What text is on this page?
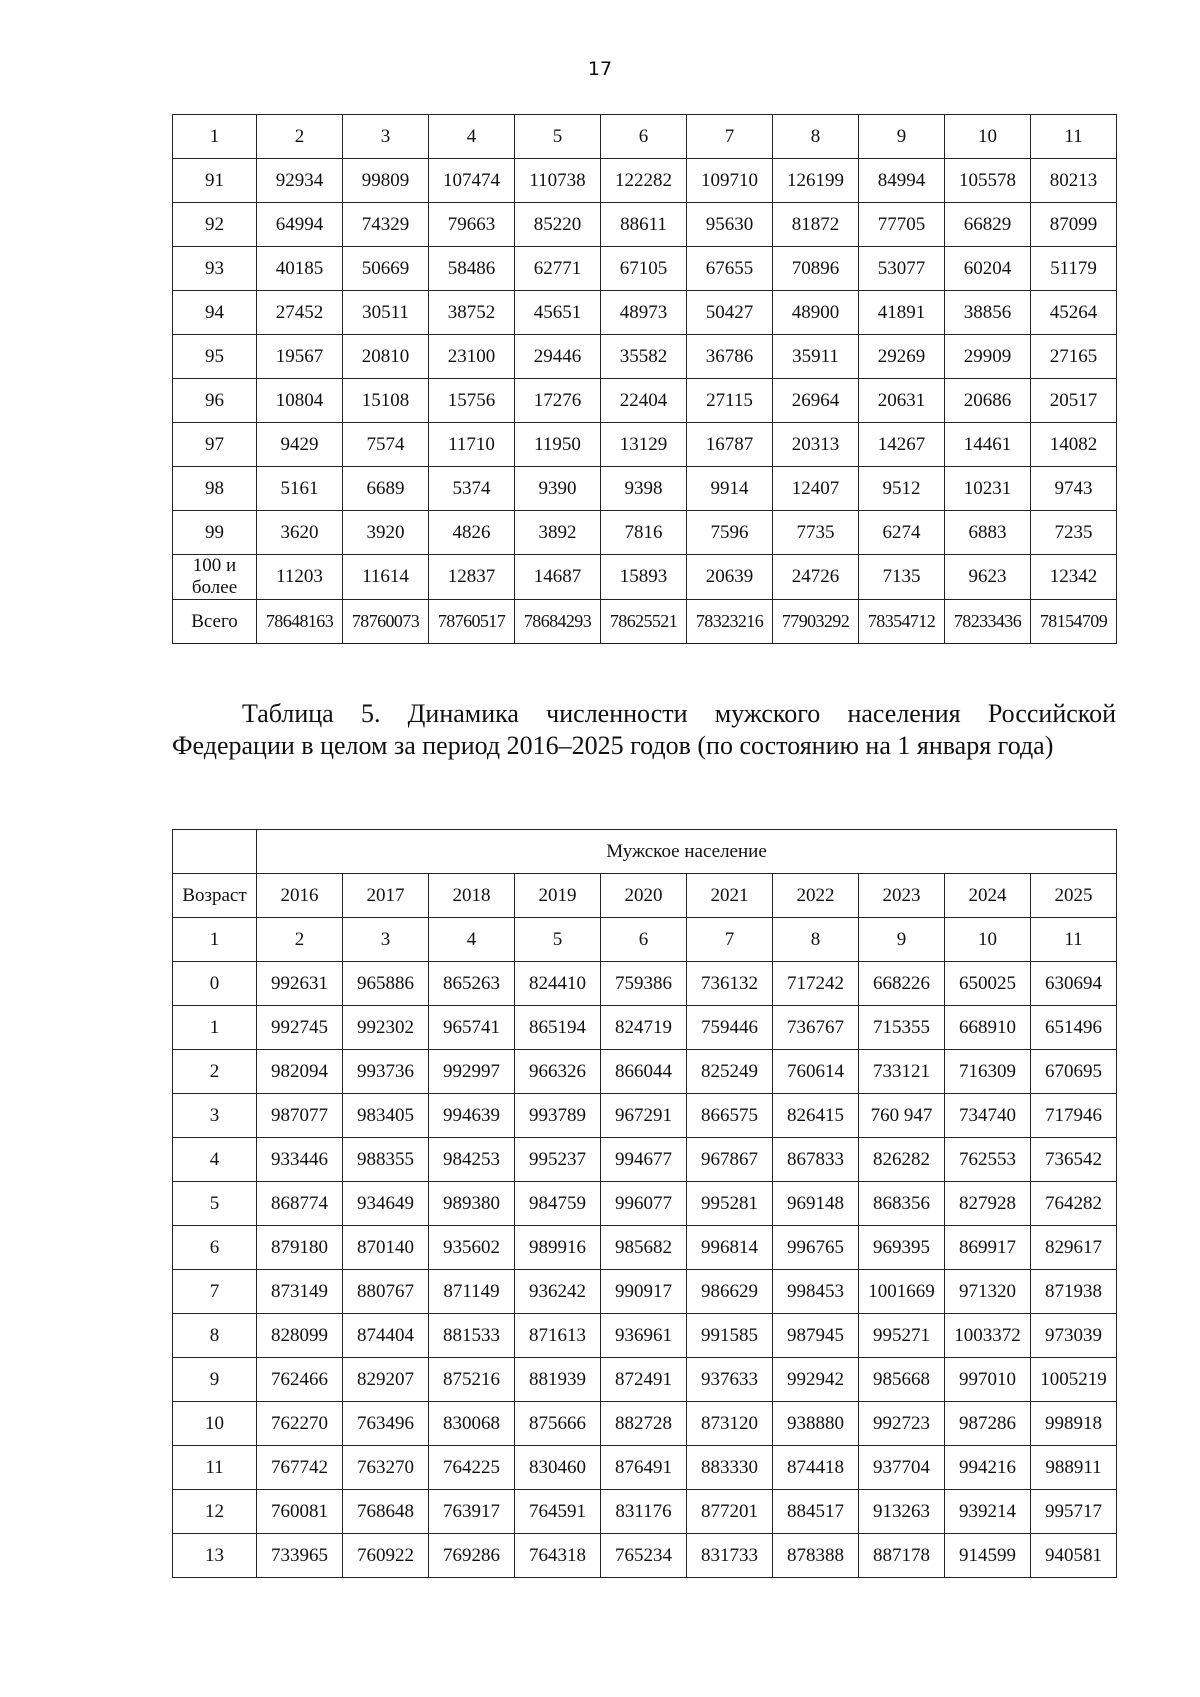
17
1	2	3	4	5	6	7	8	9	10	11
91	92934	99809	107474	110738	122282	109710	126199	84994	105578	80213
92	64994	74329	79663	85220	88611	95630	81872	77705	66829	87099
93	40185	50669	58486	62771	67105	67655	70896	53077	60204	51179
94	27452	30511	38752	45651	48973	50427	48900	41891	38856	45264
95	19567	20810	23100	29446	35582	36786	35911	29269	29909	27165
96	10804	15108	15756	17276	22404	27115	26964	20631	20686	20517
97	9429	7574	11710	11950	13129	16787	20313	14267	14461	14082
98	5161	6689	5374	9390	9398	9914	12407	9512	10231	9743
99	3620	3920	4826	3892	7816	7596	7735	6274	6883	7235
100 и более	11203	11614	12837	14687	15893	20639	24726	7135	9623	12342
Всего	78648163	78760073	78760517	78684293	78625521	78323216	77903292	78354712	78233436	78154709
Таблица 5. Динамика численности мужского населения Российской Федерации в целом за период 2016–2025 годов (по состоянию на 1 января года)
	Мужское население									
Возраст	2016	2017	2018	2019	2020	2021	2022	2023	2024	2025
1	2	3	4	5	6	7	8	9	10	11
0	992631	965886	865263	824410	759386	736132	717242	668226	650025	630694
1	992745	992302	965741	865194	824719	759446	736767	715355	668910	651496
2	982094	993736	992997	966326	866044	825249	760614	733121	716309	670695
3	987077	983405	994639	993789	967291	866575	826415	760 947	734740	717946
4	933446	988355	984253	995237	994677	967867	867833	826282	762553	736542
5	868774	934649	989380	984759	996077	995281	969148	868356	827928	764282
6	879180	870140	935602	989916	985682	996814	996765	969395	869917	829617
7	873149	880767	871149	936242	990917	986629	998453	1001669	971320	871938
8	828099	874404	881533	871613	936961	991585	987945	995271	1003372	973039
9	762466	829207	875216	881939	872491	937633	992942	985668	997010	1005219
10	762270	763496	830068	875666	882728	873120	938880	992723	987286	998918
11	767742	763270	764225	830460	876491	883330	874418	937704	994216	988911
12	760081	768648	763917	764591	831176	877201	884517	913263	939214	995717
13	733965	760922	769286	764318	765234	831733	878388	887178	914599	940581
